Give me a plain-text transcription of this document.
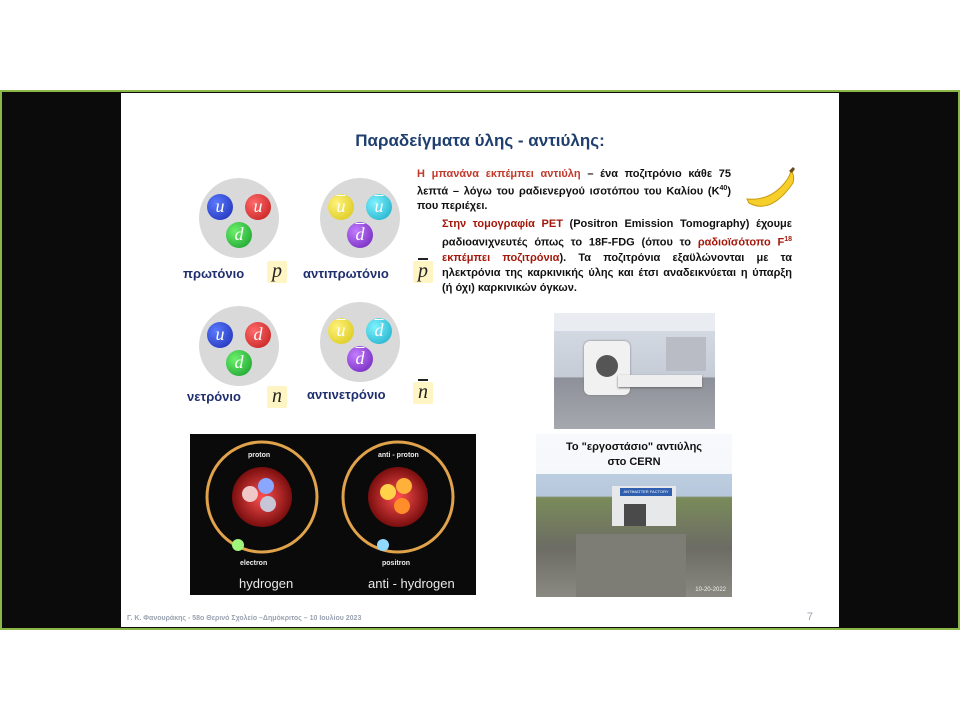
Παραδείγματα ύλης - αντιύλης:
u	u
d
πρωτόνιο p
$\overline{u}$	$\overline{u}$
$\overline{d}$
αντιπρωτόνιο $\overline{p}$
u	d
d
νετρόνιο n
$\overline{u}$	$\overline{d}$
$\overline{d}$
αντινετρόνιο $\overline{n}$
Η μπανάνα εκπέμπει αντιύλη – ένα ποζιτρόνιο κάθε 75 λεπτά – λόγω του ραδιενεργού ισοτόπου του Καλίου $(K^{40})$ που περιέχει.
Στην τομογραφία PET (Positron Emission Tomography) έχουμε ραδιοανιχνευτές όπως το 18F-FDG (όπου το ραδιοϊσότοπο $F^{18}$ εκπέμπει ποζιτρόνια). Τα ποζιτρόνια εξαϋλώνονται με τα ηλεκτρόνια της καρκινικής ύλης και έτσι αναδεικνύεται η ύπαρξη (ή όχι) καρκινικών όγκων.
proton	anti - proton
electron	positron
hydrogen	anti - hydrogen
Το "εργοστάσιο" αντιύλης
στο CERN
ANTIMATTER FACTORY
10-20-2022
Γ. Κ. Φανουράκης - 58ο Θερινό Σχολείο –Δημόκριτος – 10 Ιουλίου 2023	7
